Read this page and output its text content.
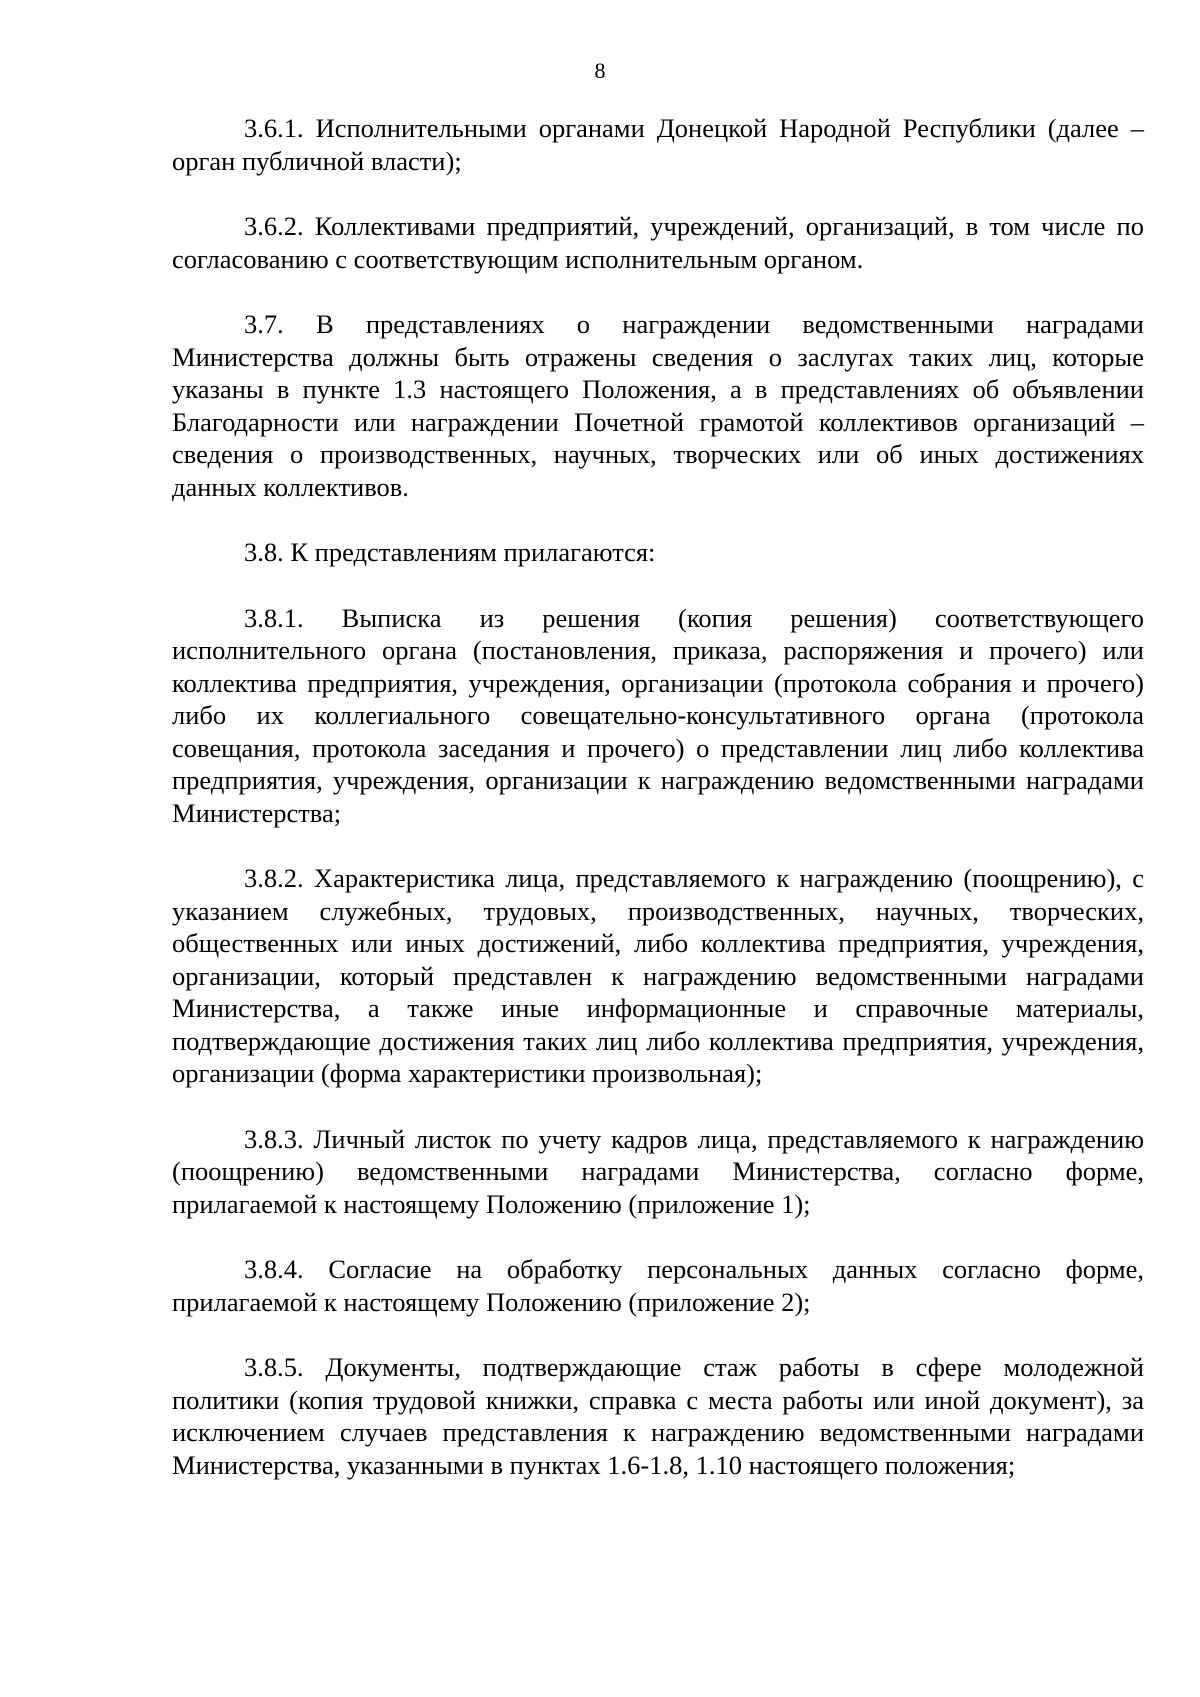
8

3.6.1. Исполнительными органами Донецкой Народной Республики (далее – орган публичной власти);

3.6.2. Коллективами предприятий, учреждений, организаций, в том числе по согласованию с соответствующим исполнительным органом.

3.7. В представлениях о награждении ведомственными наградами Министерства должны быть отражены сведения о заслугах таких лиц, которые указаны в пункте 1.3 настоящего Положения, а в представлениях об объявлении Благодарности или награждении Почетной грамотой коллективов организаций – сведения о производственных, научных, творческих или об иных достижениях данных коллективов.

3.8. К представлениям прилагаются:

3.8.1. Выписка из решения (копия решения) соответствующего исполнительного органа (постановления, приказа, распоряжения и прочего) или коллектива предприятия, учреждения, организации (протокола собрания и прочего) либо их коллегиального совещательно-консультативного органа (протокола совещания, протокола заседания и прочего) о представлении лиц либо коллектива предприятия, учреждения, организации к награждению ведомственными наградами Министерства;

3.8.2. Характеристика лица, представляемого к награждению (поощрению), с указанием служебных, трудовых, производственных, научных, творческих, общественных или иных достижений, либо коллектива предприятия, учреждения, организации, который представлен к награждению ведомственными наградами Министерства, а также иные информационные и справочные материалы, подтверждающие достижения таких лиц либо коллектива предприятия, учреждения, организации (форма характеристики произвольная);

3.8.3. Личный листок по учету кадров лица, представляемого к награждению (поощрению) ведомственными наградами Министерства, согласно форме, прилагаемой к настоящему Положению (приложение 1);

3.8.4. Согласие на обработку персональных данных согласно форме, прилагаемой к настоящему Положению (приложение 2);

3.8.5. Документы, подтверждающие стаж работы в сфере молодежной политики (копия трудовой книжки, справка с места работы или иной документ), за исключением случаев представления к награждению ведомственными наградами Министерства, указанными в пунктах 1.6-1.8, 1.10 настоящего положения;
